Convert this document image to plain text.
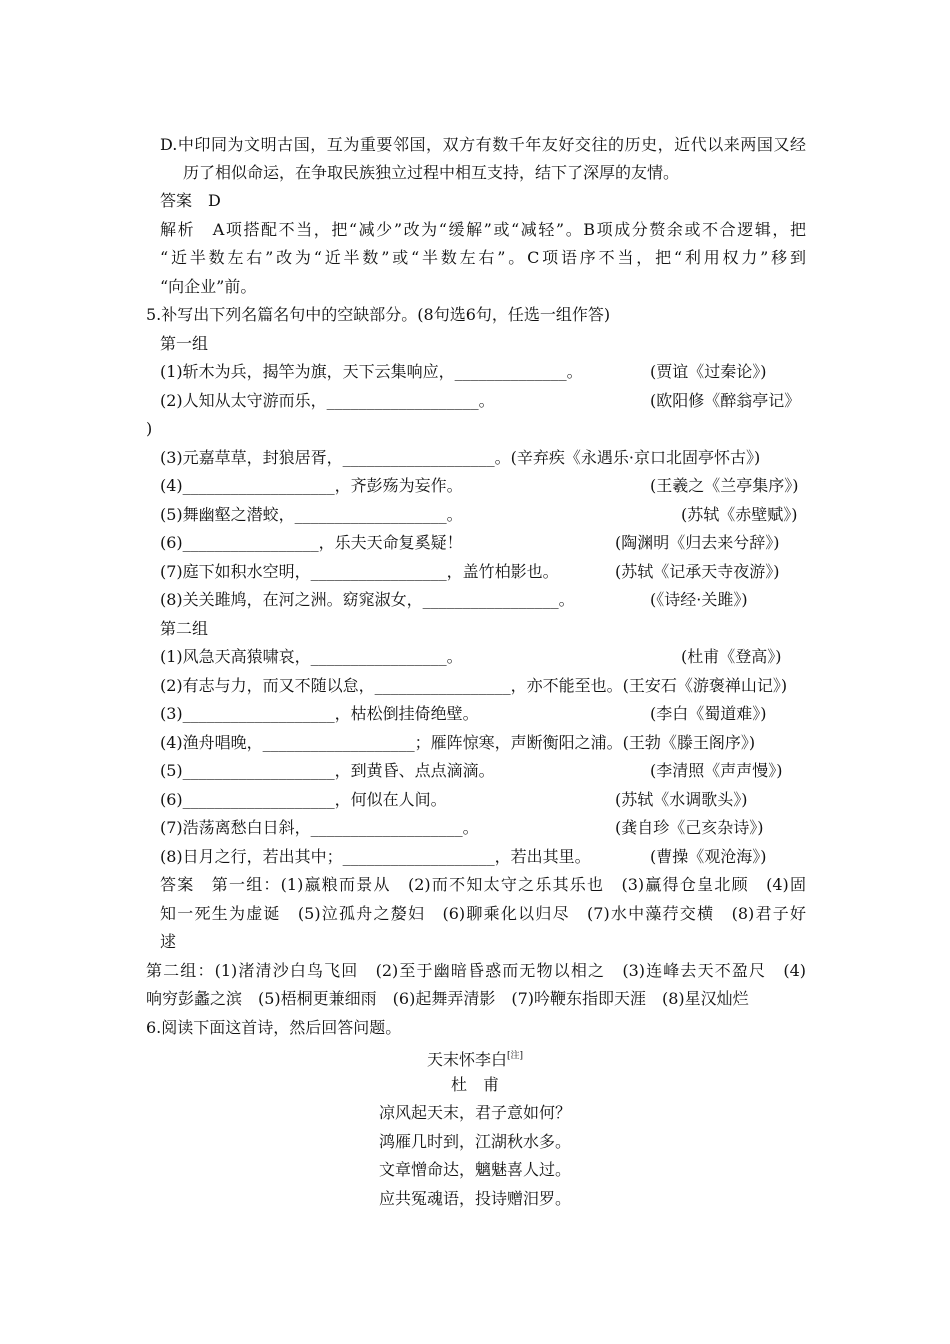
D.中印同为文明古国，互为重要邻国，双方有数千年友好交往的历史，近代以来两国又经
历了相似命运，在争取民族独立过程中相互支持，结下了深厚的友情。
答案　D
解析　A项搭配不当，把“减少”改为“缓解”或“减轻”。B项成分赘余或不合逻辑，把
“近半数左右”改为“近半数”或“半数左右”。C项语序不当，把“利用权力”移到
“向企业”前。
5.补写出下列名篇名句中的空缺部分。(8句选6句，任选一组作答)
第一组
(1)斩木为兵，揭竿为旗，天下云集响应，______________。	(贾谊《过秦论》)
(2)人知从太守游而乐，___________________。	(欧阳修《醉翁亭记》
)
(3)元嘉草草，封狼居胥，___________________。(辛弃疾《永遇乐·京口北固亭怀古》)
(4)___________________，齐彭殇为妄作。	(王羲之《兰亭集序》)
(5)舞幽壑之潜蛟，___________________。	(苏轼《赤壁赋》)
(6)_________________，乐夫天命复奚疑！	(陶渊明《归去来兮辞》)
(7)庭下如积水空明，_________________，盖竹柏影也。	(苏轼《记承天寺夜游》)
(8)关关雎鸠，在河之洲。窈窕淑女，_________________。	(《诗经·关雎》)
第二组
(1)风急天高猿啸哀，_________________。	(杜甫《登高》)
(2)有志与力，而又不随以怠，_________________，亦不能至也。(王安石《游褒禅山记》)
(3)___________________，枯松倒挂倚绝壁。	(李白《蜀道难》)
(4)渔舟唱晚，___________________；雁阵惊寒，声断衡阳之浦。(王勃《滕王阁序》)
(5)___________________，到黄昏、点点滴滴。	(李清照《声声慢》)
(6)___________________，何似在人间。	(苏轼《水调歌头》)
(7)浩荡离愁白日斜，___________________。	(龚自珍《己亥杂诗》)
(8)日月之行，若出其中；___________________，若出其里。	(曹操《观沧海》)
答案　第一组：(1)嬴粮而景从　(2)而不知太守之乐其乐也　(3)赢得仓皇北顾　(4)固
知一死生为虚诞　(5)泣孤舟之嫠妇　(6)聊乘化以归尽　(7)水中藻荇交横　(8)君子好
逑
第二组：(1)渚清沙白鸟飞回　(2)至于幽暗昏惑而无物以相之　(3)连峰去天不盈尺　(4)
响穷彭蠡之滨　(5)梧桐更兼细雨　(6)起舞弄清影　(7)吟鞭东指即天涯　(8)星汉灿烂
6.阅读下面这首诗，然后回答问题。
天末怀李白[注]
杜　甫
凉风起天末，君子意如何？
鸿雁几时到，江湖秋水多。
文章憎命达，魑魅喜人过。
应共冤魂语，投诗赠汨罗。
